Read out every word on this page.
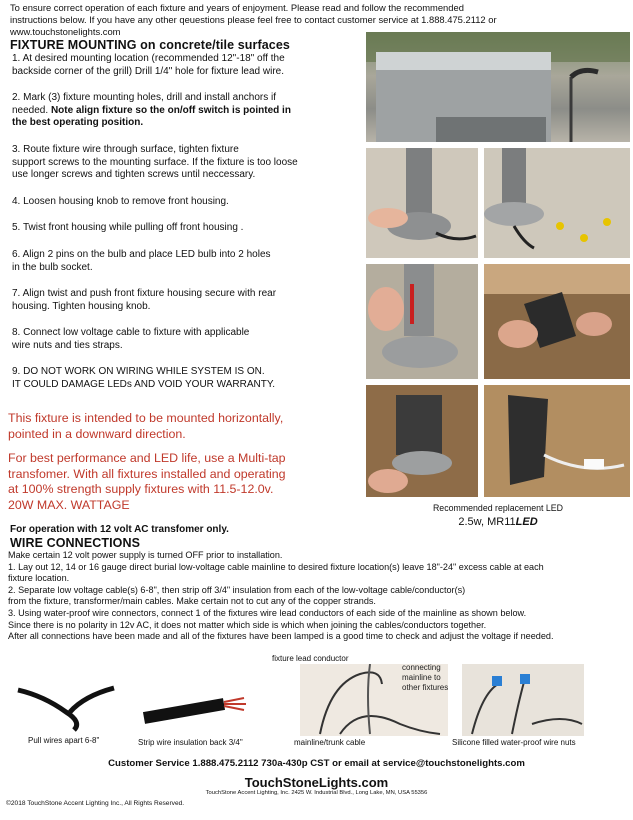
To ensure correct operation of each fixture and years of enjoyment. Please read and follow the recommended
instructions below. If you have any other qeuestions please feel free to contact customer service at 1.888.475.2112 or
www.touchstonelights.com
FIXTURE MOUNTING on concrete/tile surfaces
1. At desired mounting location (recommended 12"-18" off the
backside corner of the grill) Drill 1/4" hole for fixture lead wire.
2. Mark (3) fixture mounting holes, drill and install anchors if
needed. Note align fixture so the on/off switch is pointed in
the best operating position.
3. Route fixture wire through surface, tighten fixture
support screws to the mounting surface. If the fixture is too loose
use longer screws and tighten screws until neccessary.
4. Loosen housing knob to remove front housing.
5. Twist front housing while pulling off front housing .
6. Align 2 pins on the bulb and place LED bulb into 2 holes
in the bulb socket.
7. Align twist and push front fixture housing secure with rear
housing. Tighten housing knob.
8. Connect low voltage cable to fixture with applicable
wire nuts and ties straps.
9. DO NOT WORK ON WIRING WHILE SYSTEM IS ON.
IT COULD DAMAGE LEDs AND VOID YOUR WARRANTY.
This fixture is intended to be mounted horizontally,
pointed in a downward direction.
For best performance and LED life, use a Multi-tap
transfomer. With all fixtures installed and operating
at 100% strength supply fixtures with 11.5-12.0v.
20W MAX. WATTAGE	Recommended replacement LED
2.5w, MR11LED
For operation with 12 volt AC transfomer only.
WIRE CONNECTIONS
Make certain 12 volt power supply is turned OFF prior to installation.
1. Lay out 12, 14 or 16 gauge direct burial low-voltage cable mainline to desired fixture location(s) leave 18"-24" excess cable at each
fixture location.
2. Separate low voltage cable(s) 6-8", then strip off 3/4" insulation from each of the low-voltage cable/conductor(s)
from the fixture, transformer/main cables. Make certain not to cut any of the copper strands.
3. Using water-proof wire connectors, connect 1 of the fixtures wire lead conductors of each side of the mainline as shown below.
Since there is no polarity in 12v AC, it does not matter which side is which when joining the cables/conductors together.
After all connections have been made and all of the fixtures have been lamped is a good time to check and adjust the voltage if needed.
fixture lead conductor
Pull wires apart 6-8"	Strip wire insulation back 3/4"
connecting
mainline to
other fixtures
mainline/trunk cable	Silicone filled water-proof wire nuts
Customer Service 1.888.475.2112 730a-430p CST or email at service@touchstonelights.com
TouchStoneLights.com
TouchStone Accent Lighting, Inc. 2425 W. Industrial Blvd., Long Lake, MN, USA 55356
©2018 TouchStone Accent Lighting Inc., All Rights Reserved.
